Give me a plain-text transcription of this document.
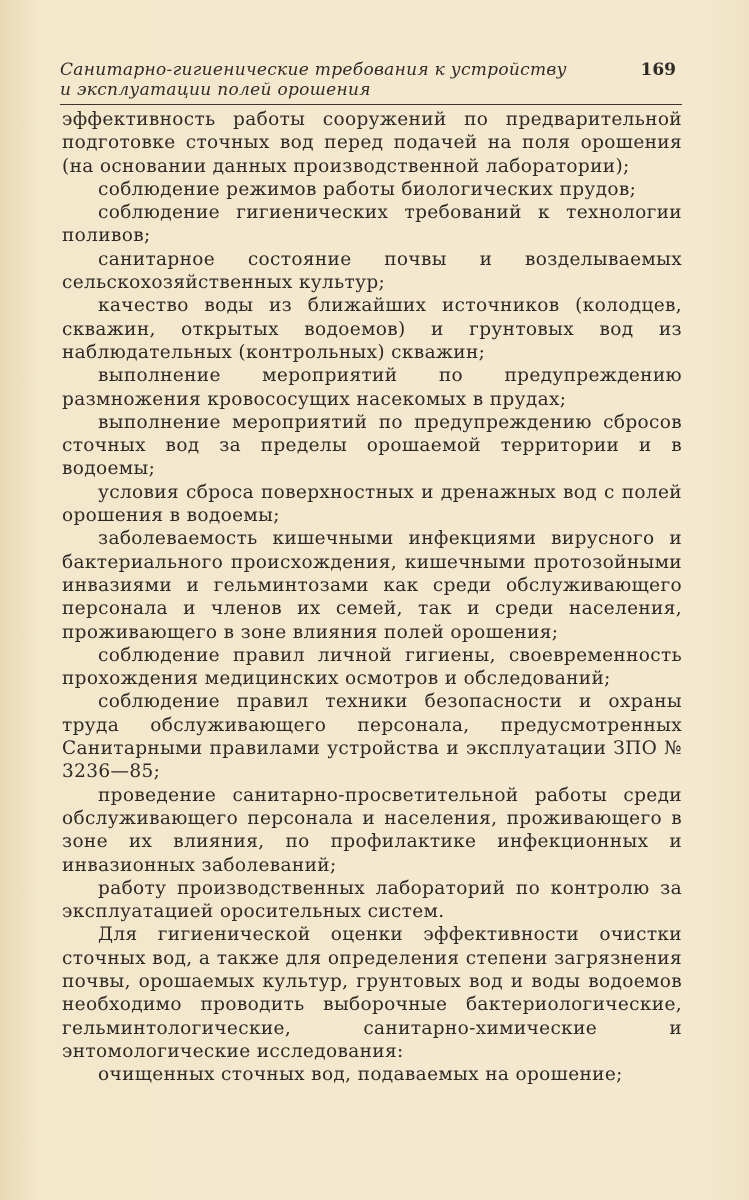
Санитарно-гигиенические требования к устройству
и эксплуатации полей орошения
169

эффективность работы сооружений по предварительной подготовке сточных вод перед подачей на поля орошения (на основании данных производственной лаборатории);

соблюдение режимов работы биологических прудов;

соблюдение гигиенических требований к технологии поливов;

санитарное состояние почвы и возделываемых сельскохозяйственных культур;

качество воды из ближайших источников (колодцев, скважин, открытых водоемов) и грунтовых вод из наблюдательных (контрольных) скважин;

выполнение мероприятий по предупреждению размножения кровососущих насекомых в прудах;

выполнение мероприятий по предупреждению сбросов сточных вод за пределы орошаемой территории и в водоемы;

условия сброса поверхностных и дренажных вод с полей орошения в водоемы;

заболеваемость кишечными инфекциями вирусного и бактериального происхождения, кишечными протозойными инвазиями и гельминтозами как среди обслуживающего персонала и членов их семей, так и среди населения, проживающего в зоне влияния полей орошения;

соблюдение правил личной гигиены, своевременность прохождения медицинских осмотров и обследований;

соблюдение правил техники безопасности и охраны труда обслуживающего персонала, предусмотренных Санитарными правилами устройства и эксплуатации ЗПО № 3236—85;

проведение санитарно-просветительной работы среди обслуживающего персонала и населения, проживающего в зоне их влияния, по профилактике инфекционных и инвазионных заболеваний;

работу производственных лабораторий по контролю за эксплуатацией оросительных систем.

Для гигиенической оценки эффективности очистки сточных вод, а также для определения степени загрязнения почвы, орошаемых культур, грунтовых вод и воды водоемов необходимо проводить выборочные бактериологические, гельминтологические, санитарно-химические и энтомологические исследования:

очищенных сточных вод, подаваемых на орошение;
